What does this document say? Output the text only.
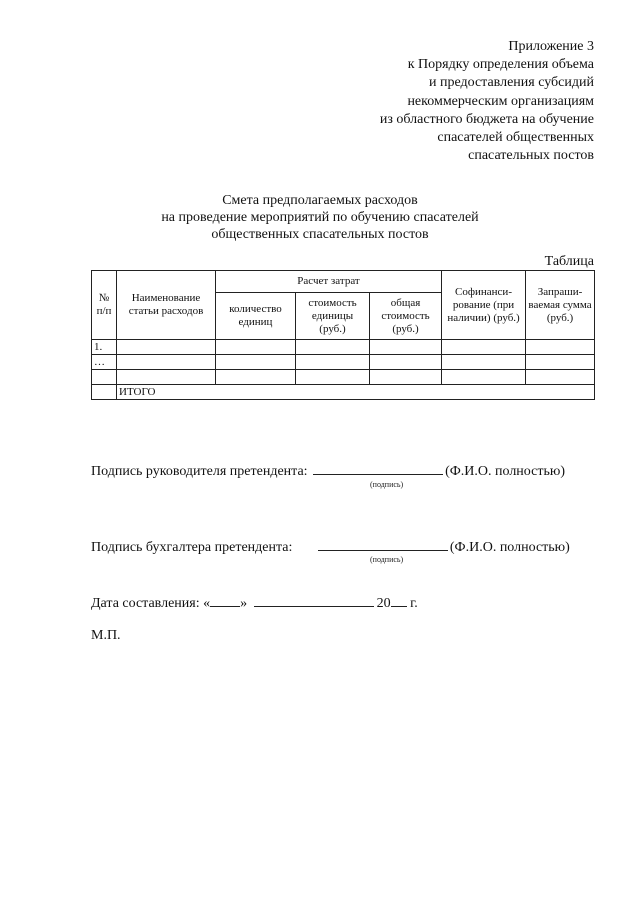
Приложение 3
к Порядку определения объема
и предоставления субсидий
некоммерческим организациям
из областного бюджета на обучение
спасателей общественных
спасательных постов
Смета предполагаемых расходов
на проведение мероприятий по обучению спасателей
общественных спасательных постов
Таблица
№ п/п	Наименование статьи расходов	Расчет затрат			Софинанси-рование (при наличии) (руб.)	Запраши-ваемая сумма (руб.)
		количество единиц	стоимость единицы (руб.)	общая стоимость (руб.)		
1.						
…						

	ИТОГО					
Подпись руководителя претендента:	(Ф.И.О. полностью)
(подпись)
Подпись бухгалтера претендента:	(Ф.И.О. полностью)
(подпись)
Дата составления: « »	20 г.
М.П.
